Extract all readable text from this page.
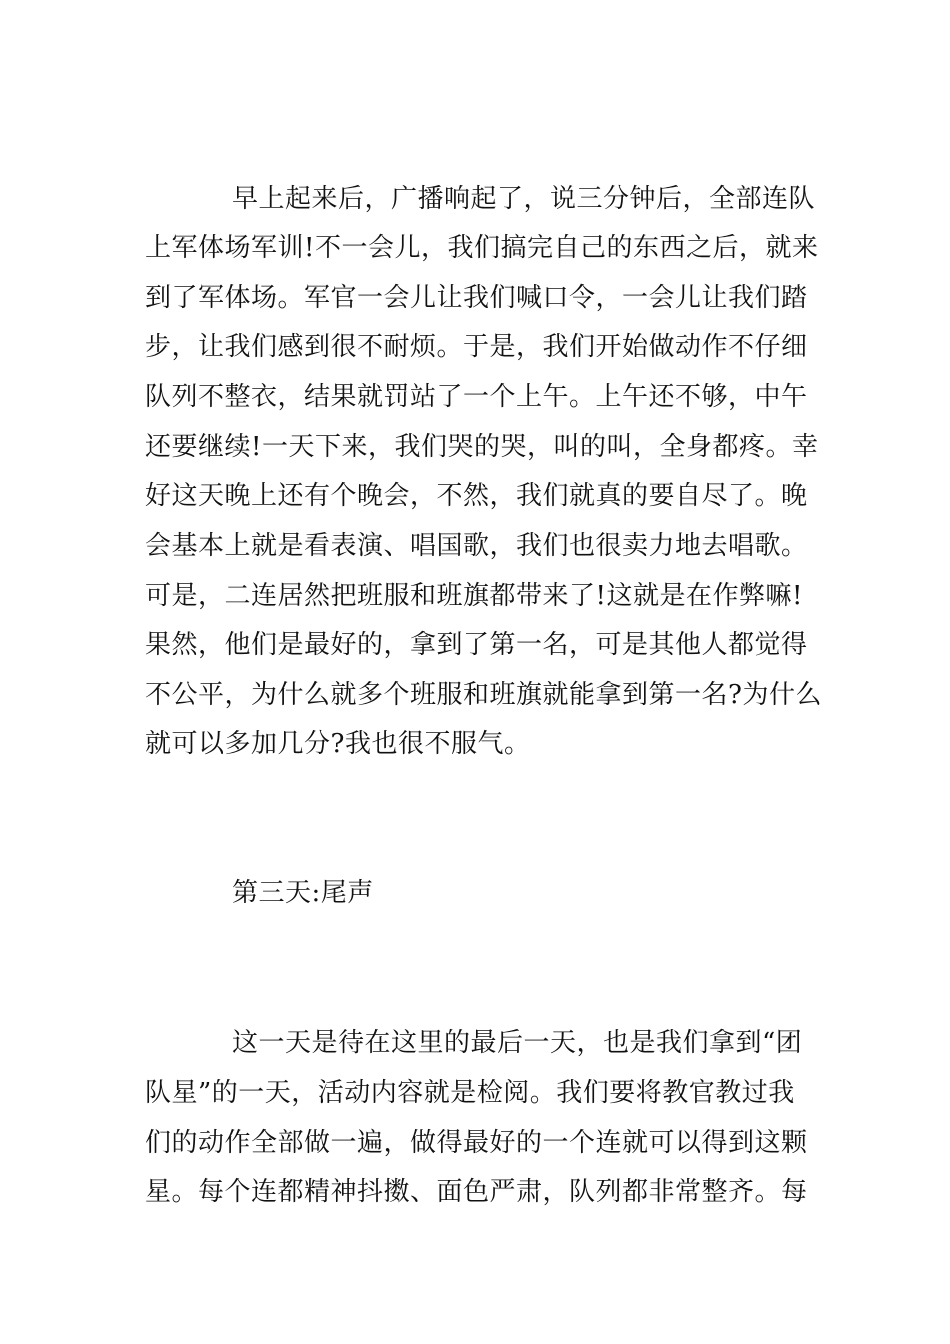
早上起来后，广播响起了，说三分钟后，全部连队
上军体场军训!不一会儿，我们搞完自己的东西之后，就来
到了军体场。军官一会儿让我们喊口令，一会儿让我们踏
步，让我们感到很不耐烦。于是，我们开始做动作不仔细
队列不整衣，结果就罚站了一个上午。上午还不够，中午
还要继续!一天下来，我们哭的哭，叫的叫，全身都疼。幸
好这天晚上还有个晚会，不然，我们就真的要自尽了。晚
会基本上就是看表演、唱国歌，我们也很卖力地去唱歌。
可是，二连居然把班服和班旗都带来了!这就是在作弊嘛!
果然，他们是最好的，拿到了第一名，可是其他人都觉得
不公平，为什么就多个班服和班旗就能拿到第一名?为什么
就可以多加几分?我也很不服气。
第三天:尾声
这一天是待在这里的最后一天，也是我们拿到“团
队星”的一天，活动内容就是检阅。我们要将教官教过我
们的动作全部做一遍，做得最好的一个连就可以得到这颗
星。每个连都精神抖擞、面色严肃，队列都非常整齐。每
